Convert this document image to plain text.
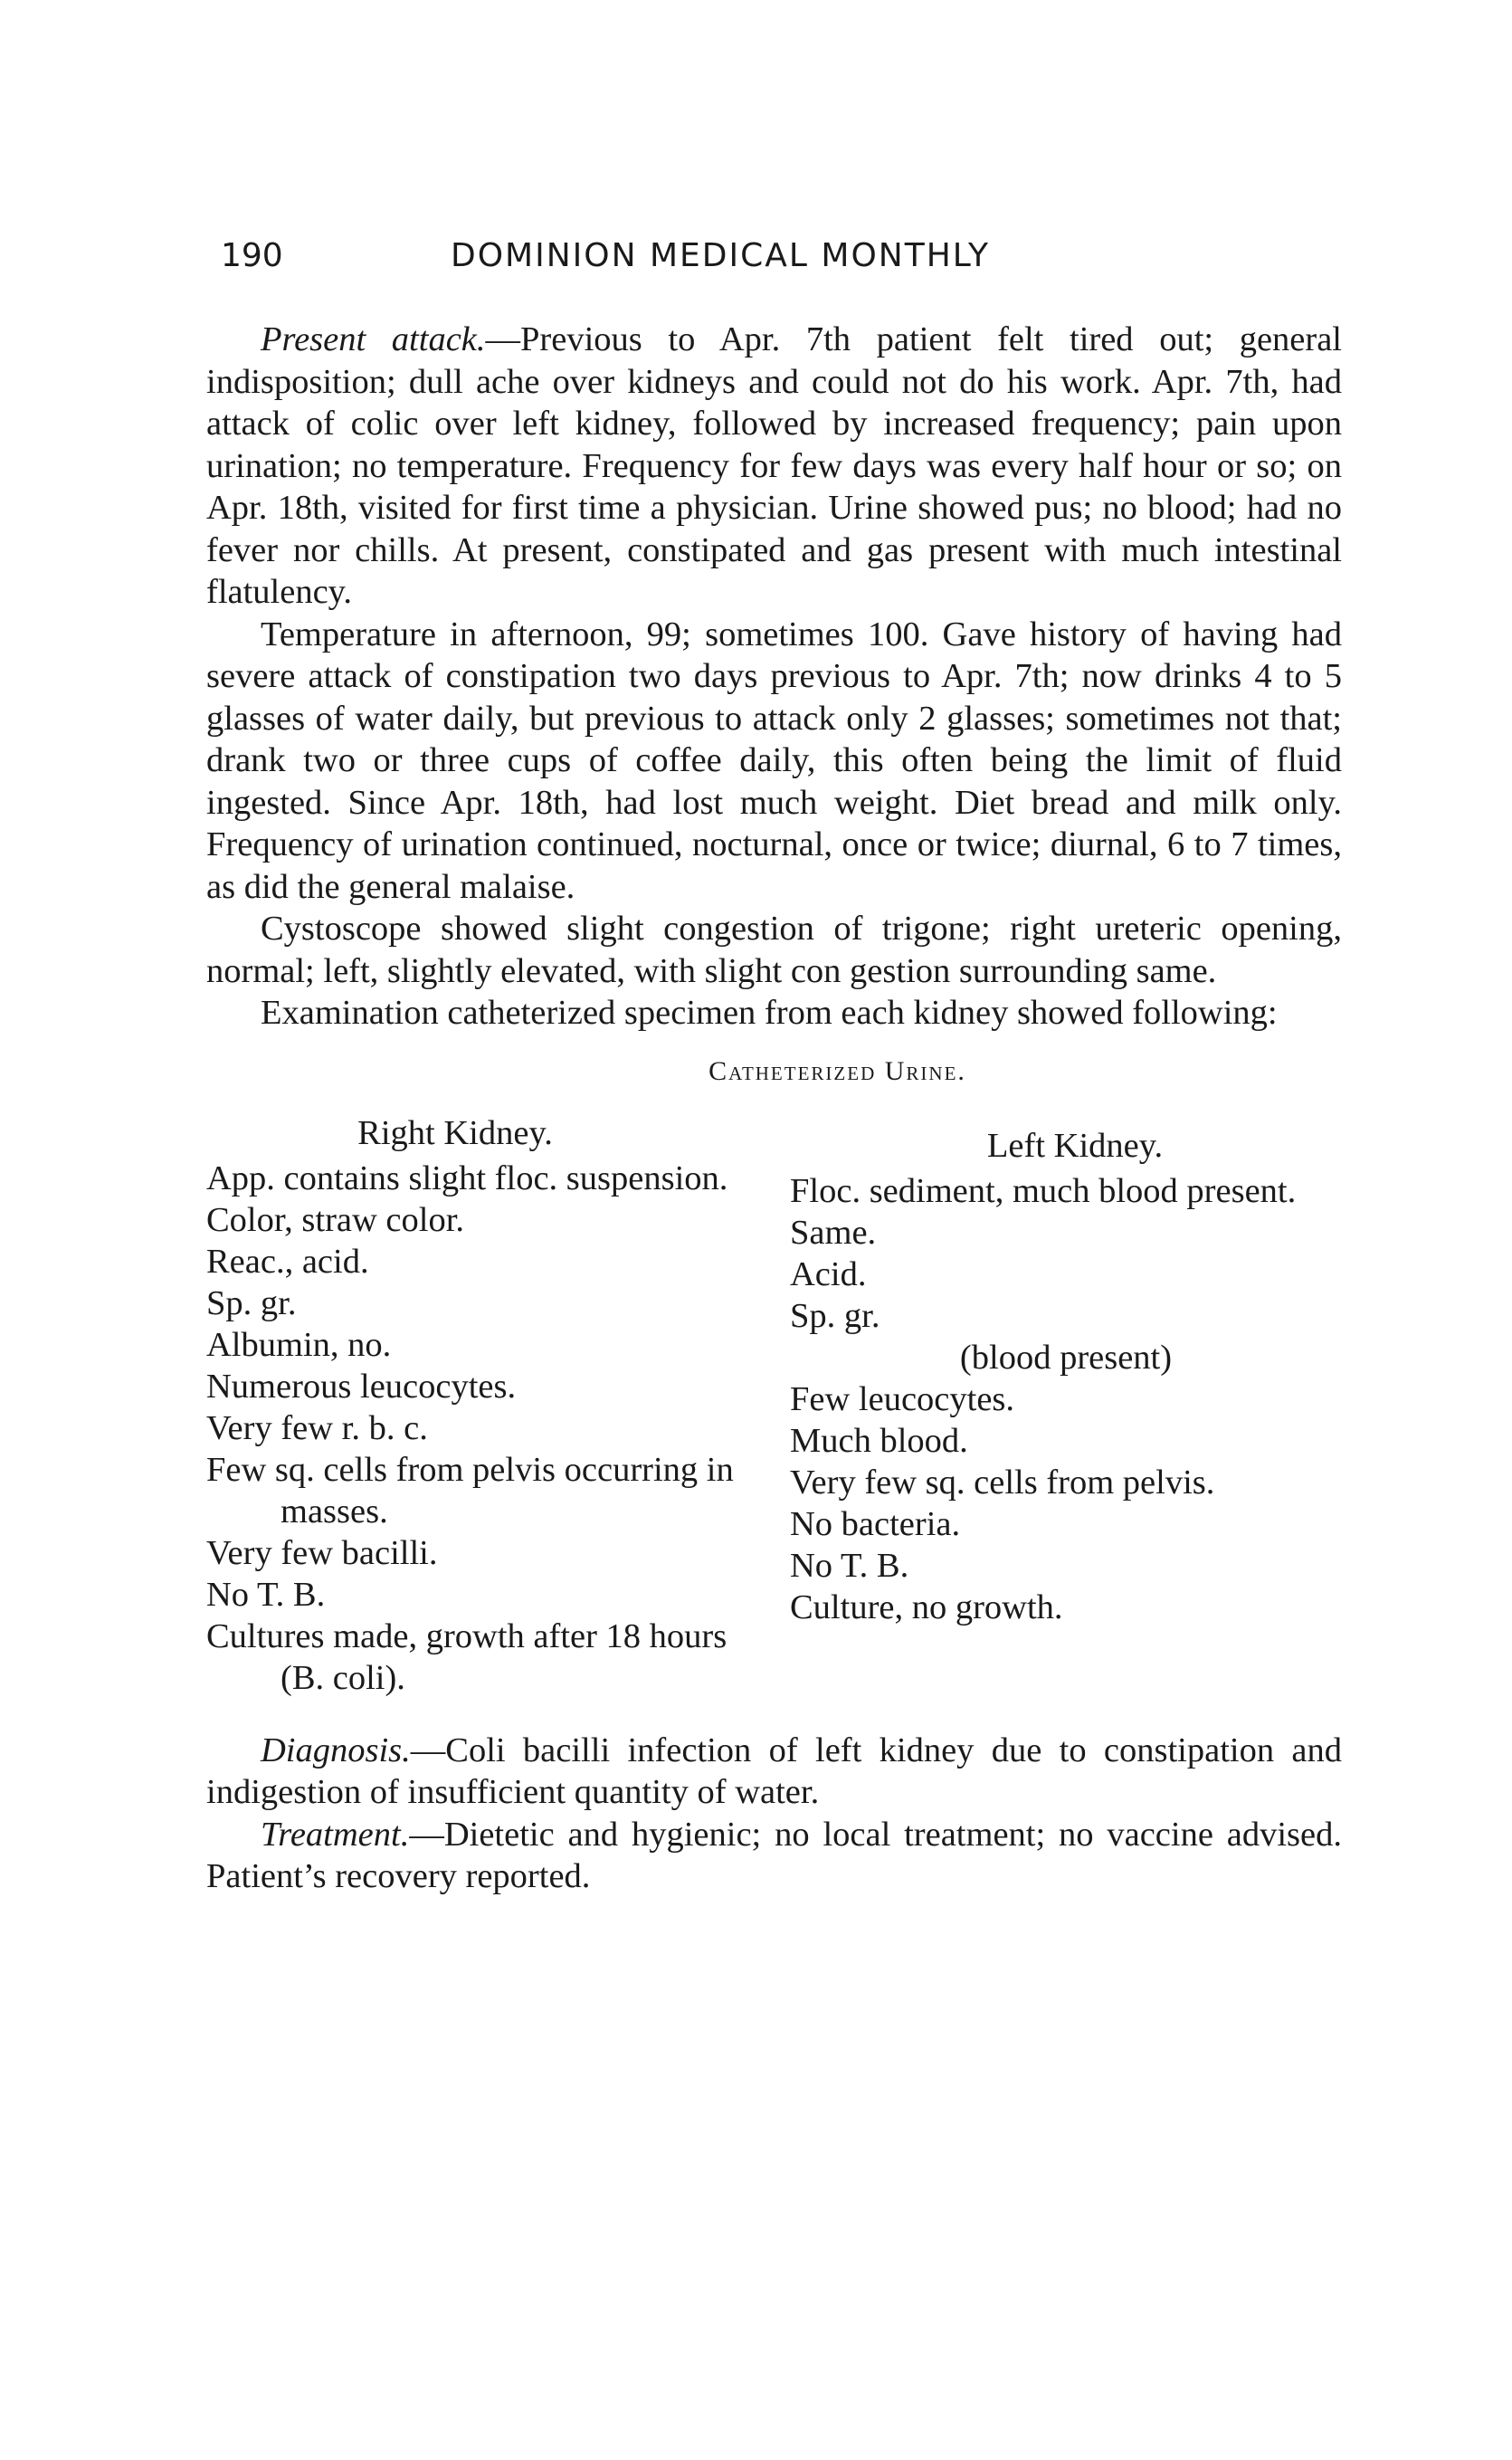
190	DOMINION MEDICAL MONTHLY

Present attack.—Previous to Apr. 7th patient felt tired out; general indisposition; dull ache over kidneys and could not do his work. Apr. 7th, had attack of colic over left kidney, followed by increased frequency; pain upon urination; no temperature. Frequency for few days was every half hour or so; on Apr. 18th, visited for first time a physician. Urine showed pus; no blood; had no fever nor chills. At present, constipated and gas present with much intestinal flatulency.

Temperature in afternoon, 99; sometimes 100. Gave history of having had severe attack of constipation two days previous to Apr. 7th; now drinks 4 to 5 glasses of water daily, but previous to attack only 2 glasses; sometimes not that; drank two or three cups of coffee daily, this often being the limit of fluid ingested. Since Apr. 18th, had lost much weight. Diet bread and milk only. Frequency of urination continued, nocturnal, once or twice; diurnal, 6 to 7 times, as did the general malaise.

Cystoscope showed slight congestion of trigone; right ureteric opening, normal; left, slightly elevated, with slight con gestion surrounding same.

Examination catheterized specimen from each kidney showed following:

Catheterized Urine.
Right Kidney.
App. contains slight floc. suspension.
Color, straw color.
Reac., acid.
Sp. gr.
Albumin, no.
Numerous leucocytes.
Very few r. b. c.
Few sq. cells from pelvis occurring in masses.
Very few bacilli.
No T. B.
Cultures made, growth after 18 hours (B. coli).
Left Kidney.
Floc. sediment, much blood present.
Same.
Acid.
Sp. gr.
(blood present)
Few leucocytes.
Much blood.
Very few sq. cells from pelvis.
No bacteria.
No T. B.
Culture, no growth.

Diagnosis.—Coli bacilli infection of left kidney due to constipation and indigestion of insufficient quantity of water.

Treatment.—Dietetic and hygienic; no local treatment; no vaccine advised. Patient’s recovery reported.
